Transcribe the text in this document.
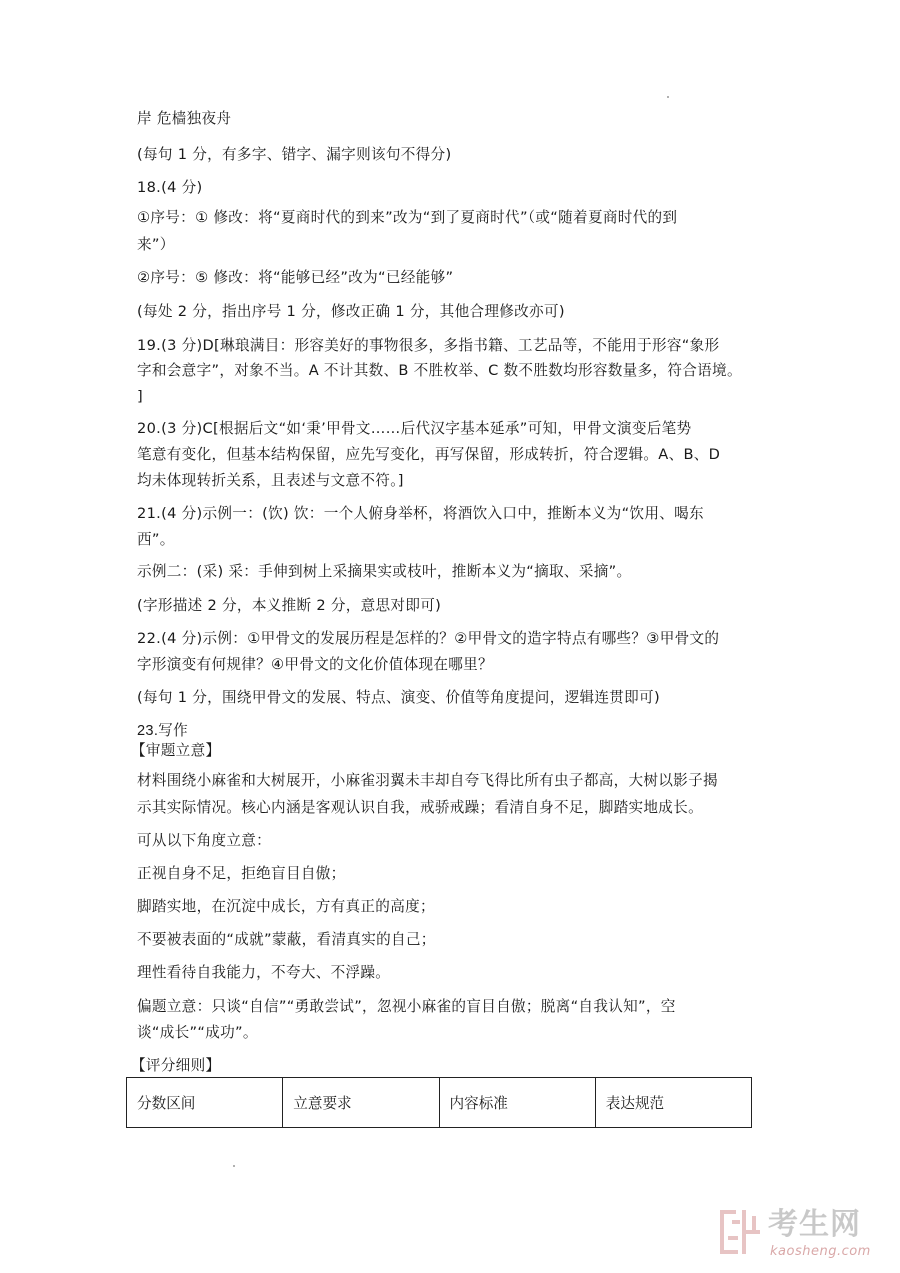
岸 危樯独夜舟
(每句 1 分，有多字、错字、漏字则该句不得分)
18.(4 分)
①序号：① 修改：将“夏商时代的到来”改为“到了夏商时代”（或“随着夏商时代的到
来”）
②序号：⑤ 修改：将“能够已经”改为“已经能够”
(每处 2 分，指出序号 1 分，修改正确 1 分，其他合理修改亦可)
19.(3 分)D[琳琅满目：形容美好的事物很多，多指书籍、工艺品等，不能用于形容“象形
字和会意字”，对象不当。A 不计其数、B 不胜枚举、C 数不胜数均形容数量多，符合语境。
]
20.(3 分)C[根据后文“如‘秉’甲骨文……后代汉字基本延承”可知，甲骨文演变后笔势
笔意有变化，但基本结构保留，应先写变化，再写保留，形成转折，符合逻辑。A、B、D
均未体现转折关系，且表述与文意不符。]
21.(4 分)示例一：(饮) 饮：一个人俯身举杯，将酒饮入口中，推断本义为“饮用、喝东
西”。
示例二：(采) 采：手伸到树上采摘果实或枝叶，推断本义为“摘取、采摘”。
(字形描述 2 分，本义推断 2 分，意思对即可)
22.(4 分)示例：①甲骨文的发展历程是怎样的？②甲骨文的造字特点有哪些？③甲骨文的
字形演变有何规律？④甲骨文的文化价值体现在哪里？
(每句 1 分，围绕甲骨文的发展、特点、演变、价值等角度提问，逻辑连贯即可)
23.写作
【审题立意】
材料围绕小麻雀和大树展开，小麻雀羽翼未丰却自夸飞得比所有虫子都高，大树以影子揭
示其实际情况。核心内涵是客观认识自我，戒骄戒躁；看清自身不足，脚踏实地成长。
可从以下角度立意：
正视自身不足，拒绝盲目自傲；
脚踏实地，在沉淀中成长，方有真正的高度；
不要被表面的“成就”蒙蔽，看清真实的自己；
理性看待自我能力，不夸大、不浮躁。
偏题立意：只谈“自信”“勇敢尝试”，忽视小麻雀的盲目自傲；脱离“自我认知”，空
谈“成长”“成功”。
【评分细则】
分数区间	立意要求	内容标准	表达规范
考生网
kaosheng.com
